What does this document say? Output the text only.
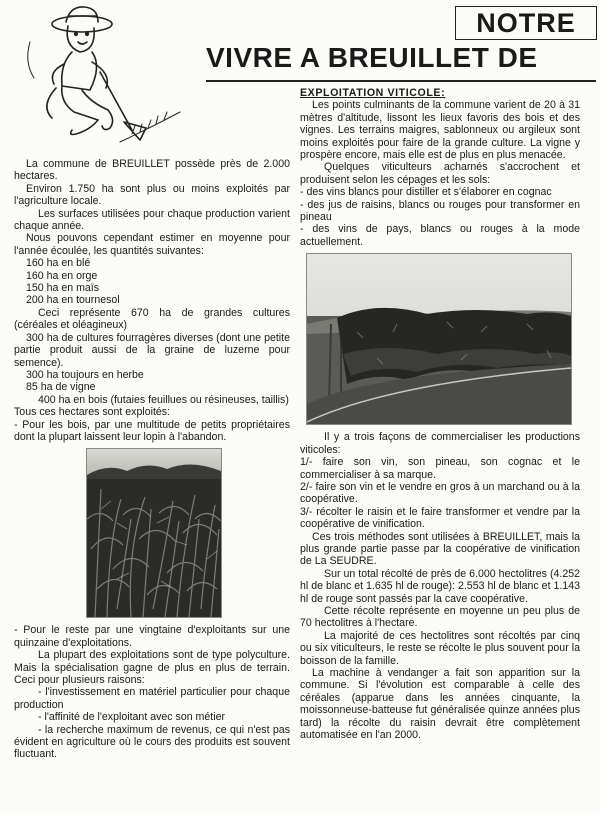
NOTRE
VIVRE A BREUILLET DE

La commune de BREUILLET possède près de 2.000 hectares.

Environ 1.750 ha sont plus ou moins exploités par l'agriculture locale.

Les surfaces utilisées pour chaque production varient chaque année.

Nous pouvons cependant estimer en moyenne pour l'année écoulée, les quantités suivantes:

160 ha en blé

160 ha en orge

150 ha en maïs

200 ha en tournesol

Ceci représente 670 ha de grandes cultures (céréales et oléagineux)

300 ha de cultures fourragères diverses (dont une petite partie produit aussi de la graine de luzerne pour semence).

300 ha toujours en herbe

85 ha de vigne

400 ha en bois (futaies feuillues ou résineuses, taillis)

Tous ces hectares sont exploités:

- Pour les bois, par une multitude de petits propriétaires dont la plupart laissent leur lopin à l'abandon.

- Pour le reste par une vingtaine d'exploitants sur une quinzaine d'exploitations.

La plupart des exploitations sont de type polyculture. Mais la spécialisation gagne de plus en plus de terrain. Ceci pour plusieurs raisons:

- l'investissement en matériel particulier pour chaque production

- l'affinité de l'exploitant avec son métier

- la recherche maximum de revenus, ce qui n'est pas évident en agriculture où le cours des produits est souvent fluctuant.

EXPLOITATION VITICOLE:

Les points culminants de la commune varient de 20 à 31 mètres d'altitude, lissont les lieux favoris des bois et des vignes. Les terrains maigres, sablonneux ou argileux sont moins exploités pour faire de la grande culture. La vigne y prospère encore, mais elle est de plus en plus menacée.

Quelques viticulteurs acharnés s'accrochent et produisent selon les cépages et les sols:

- des vins blancs pour distiller et s'élaborer en cognac

- des jus de raisins, blancs ou rouges pour transformer en pineau

- des vins de pays, blancs ou rouges à la mode actuellement.

Il y a trois façons de commercialiser les productions viticoles:

1/- faire son vin, son pineau, son cognac et le commercialiser à sa marque.

2/- faire son vin et le vendre en gros à un marchand ou à la coopérative.

3/- récolter le raisin et le faire transformer et vendre par la coopérative de vinification.

Ces trois méthodes sont utilisées à BREUILLET, mais la plus grande partie passe par la coopérative de vinification de La SEUDRE.

Sur un total récolté de près de 6.000 hectolitres (4.252 hl de blanc et 1.635 hl de rouge): 2.553 hl de blanc et 1.143 hl de rouge sont passés par la cave coopérative.

Cette récolte représente en moyenne un peu plus de 70 hectolitres à l'hectare.

La majorité de ces hectolitres sont récoltés par cinq ou six viticulteurs, le reste se récolte le plus souvent pour la boisson de la famille.

La machine à vendanger a fait son apparition sur la commune. Si l'évolution est comparable à celle des céréales (apparue dans les années cinquante, la moissonneuse-batteuse fut généralisée quinze années plus tard) la récolte du raisin devrait être complètement automatisée en l'an 2000.
